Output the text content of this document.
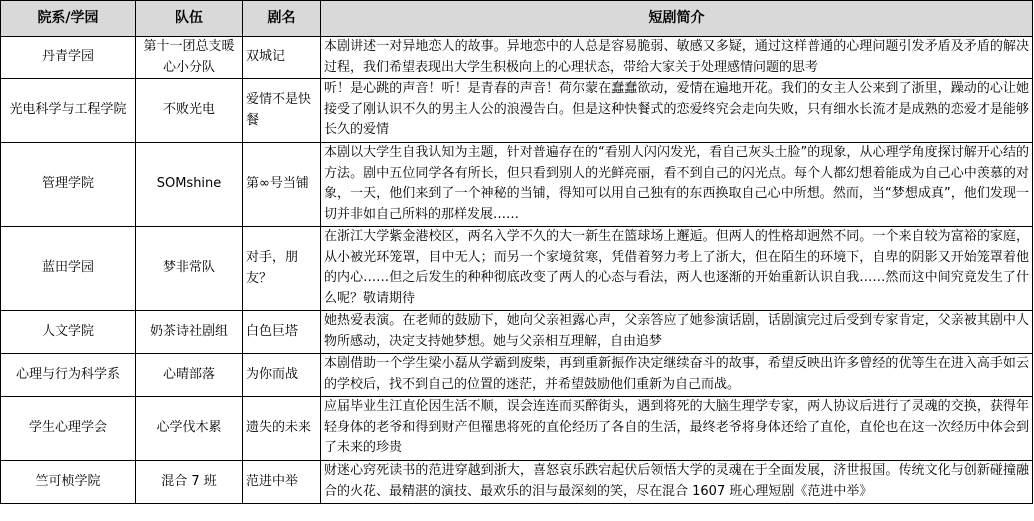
院系/学园	队伍	剧名	短剧简介
丹青学园	第十一团总支暖心小分队	双城记	本剧讲述一对异地恋人的故事。异地恋中的人总是容易脆弱、敏感又多疑，通过这样普通的心理问题引发矛盾及矛盾的解决过程，我们希望表现出大学生积极向上的心理状态，带给大家关于处理感情问题的思考
光电科学与工程学院	不败光电	爱情不是快餐	听！是心跳的声音！听！是青春的声音！荷尔蒙在蠢蠢欲动，爱情在遍地开花。我们的女主人公来到了浙里，躁动的心让她接受了刚认识不久的男主人公的浪漫告白。但是这种快餐式的恋爱终究会走向失败，只有细水长流才是成熟的恋爱才是能够长久的爱情
管理学院	SOMshine	第∞号当铺	本剧以大学生自我认知为主题，针对普遍存在的“看别人闪闪发光，看自己灰头土脸”的现象，从心理学角度探讨解开心结的方法。剧中五位同学各有所长，但只看到别人的光鲜亮丽，看不到自己的闪光点。每个人都幻想着能成为自己心中羡慕的对象，一天，他们来到了一个神秘的当铺，得知可以用自己独有的东西换取自己心中所想。然而，当“梦想成真”，他们发现一切并非如自己所料的那样发展……
蓝田学园	梦非常队	对手，朋友？	在浙江大学紫金港校区，两名入学不久的大一新生在篮球场上邂逅。但两人的性格却迥然不同。一个来自较为富裕的家庭，从小被光环笼罩，目中无人；而另一个家境贫寒，凭借着努力考上了浙大，但在陌生的环境下，自卑的阴影又开始笼罩着他的内心……但之后发生的种种彻底改变了两人的心态与看法，两人也逐渐的开始重新认识自我……然而这中间究竟发生了什么呢？敬请期待
人文学院	奶茶诗社剧组	白色巨塔	她热爱表演。在老师的鼓励下，她向父亲袒露心声，父亲答应了她参演话剧，话剧演完过后受到专家肯定，父亲被其剧中人物所感动，决定支持她梦想。她与父亲相互理解，自由追梦
心理与行为科学系	心晴部落	为你而战	本剧借助一个学生梁小磊从学霸到废柴，再到重新振作决定继续奋斗的故事，希望反映出许多曾经的优等生在进入高手如云的学校后，找不到自己的位置的迷茫，并希望鼓励他们重新为自己而战。
学生心理学会	心学伐木累	遗失的未来	应届毕业生江直伦因生活不顺，误会连连而买醉街头，遇到将死的大脑生理学专家，两人协议后进行了灵魂的交换，获得年轻身体的老爷和得到财产但罹患将死的直伦经历了各自的生活，最终老爷将身体还给了直伦，直伦也在这一次经历中体会到了未来的珍贵
竺可桢学院	混合 7 班	范进中举	财迷心窍死读书的范进穿越到浙大，喜怒哀乐跌宕起伏后领悟大学的灵魂在于全面发展，济世报国。传统文化与创新碰撞融合的火花、最精湛的演技、最欢乐的泪与最深刻的笑，尽在混合 1607 班心理短剧《范进中举》
